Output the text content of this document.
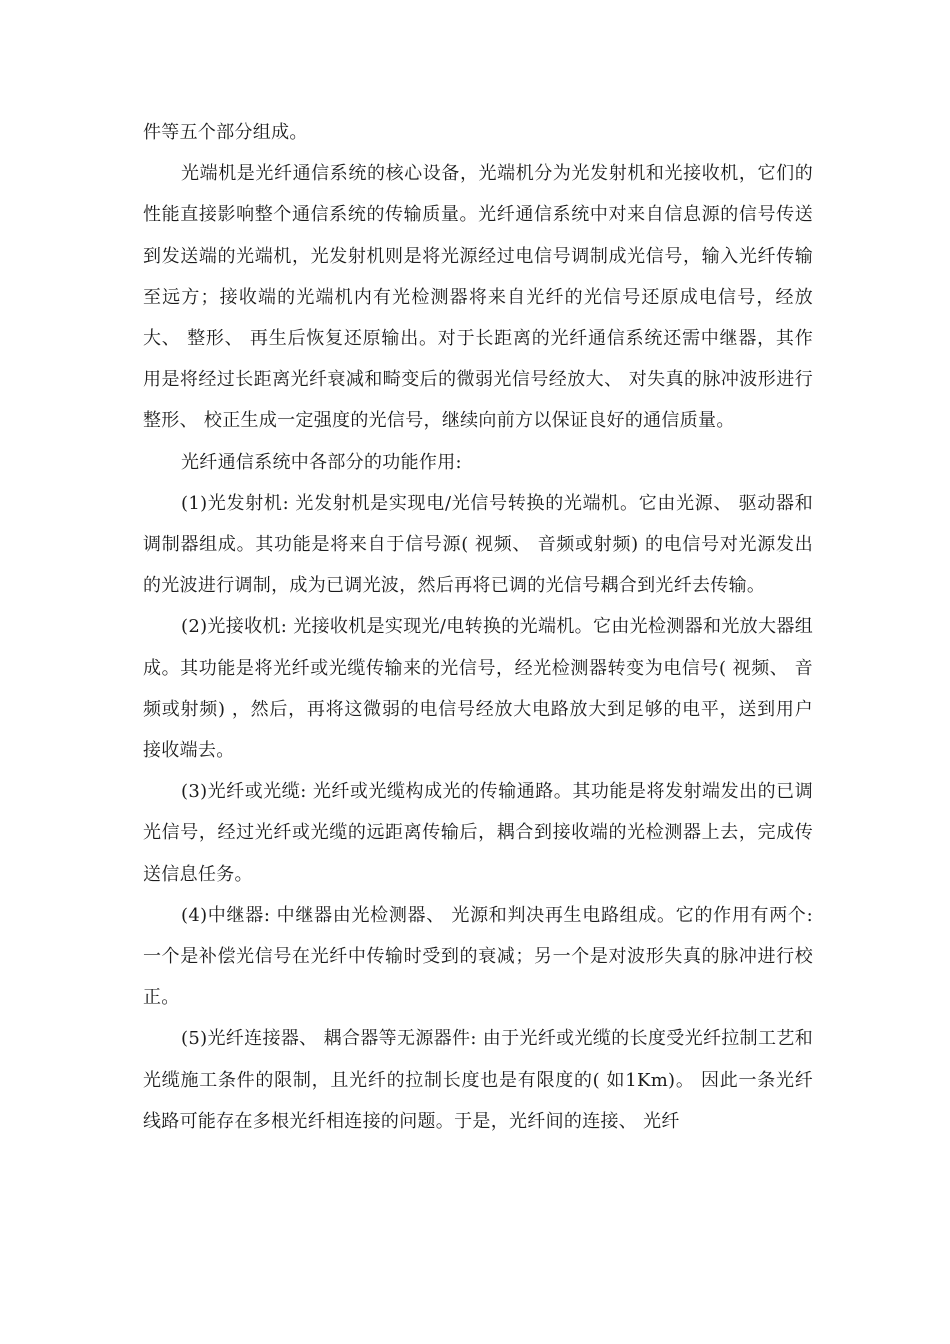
件等五个部分组成。

光端机是光纤通信系统的核心设备，光端机分为光发射机和光接收机，它们的性能直接影响整个通信系统的传输质量。光纤通信系统中对来自信息源的信号传送到发送端的光端机，光发射机则是将光源经过电信号调制成光信号，输入光纤传输至远方；接收端的光端机内有光检测器将来自光纤的光信号还原成电信号，经放大、 整形、 再生后恢复还原输出。对于长距离的光纤通信系统还需中继器，其作用是将经过长距离光纤衰减和畸变后的微弱光信号经放大、 对失真的脉冲波形进行整形、 校正生成一定强度的光信号，继续向前方以保证良好的通信质量。

光纤通信系统中各部分的功能作用:

(1)光发射机: 光发射机是实现电/光信号转换的光端机。它由光源、 驱动器和调制器组成。其功能是将来自于信号源( 视频、 音频或射频) 的电信号对光源发出的光波进行调制，成为已调光波，然后再将已调的光信号耦合到光纤去传输。

(2)光接收机: 光接收机是实现光/电转换的光端机。它由光检测器和光放大器组成。其功能是将光纤或光缆传输来的光信号，经光检测器转变为电信号( 视频、 音频或射频) ，然后，再将这微弱的电信号经放大电路放大到足够的电平，送到用户接收端去。

(3)光纤或光缆: 光纤或光缆构成光的传输通路。其功能是将发射端发出的已调光信号，经过光纤或光缆的远距离传输后，耦合到接收端的光检测器上去，完成传送信息任务。

(4)中继器: 中继器由光检测器、 光源和判决再生电路组成。它的作用有两个: 一个是补偿光信号在光纤中传输时受到的衰减；另一个是对波形失真的脉冲进行校正。

(5)光纤连接器、 耦合器等无源器件: 由于光纤或光缆的长度受光纤拉制工艺和光缆施工条件的限制，且光纤的拉制长度也是有限度的( 如1Km)。 因此一条光纤线路可能存在多根光纤相连接的问题。于是，光纤间的连接、 光纤
